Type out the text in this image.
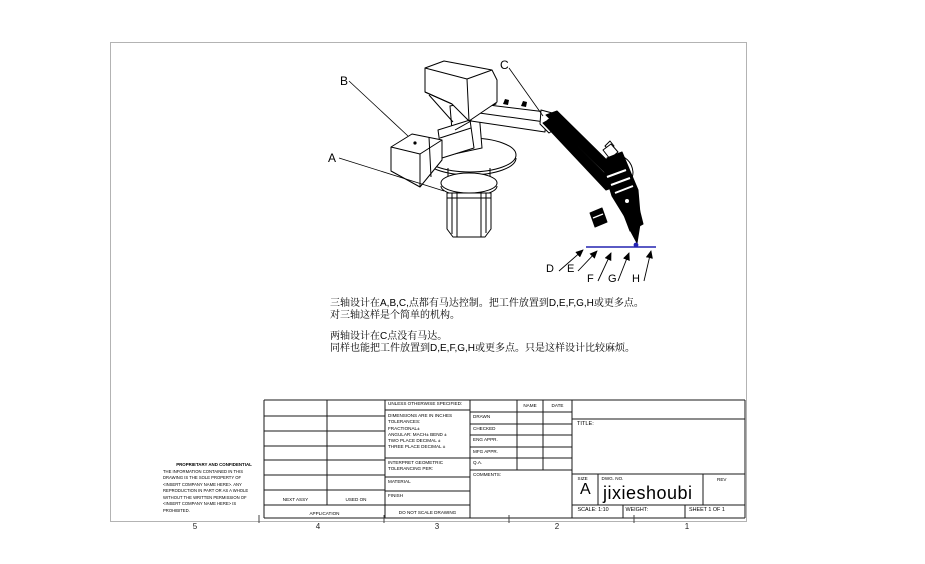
A
B
C
D E
F G H
三轴设计在A,B,C,点都有马达控制。把工件放置到D,E,F,G,H或更多点。
对三轴这样是个简单的机构。
两轴设计在C点没有马达。
同样也能把工件放置到D,E,F,G,H或更多点。只是这样设计比较麻烦。
UNLESS OTHERWISE SPECIFIED:
DIMENSIONS ARE IN INCHES
TOLERANCES:
FRACTIONAL±
ANGULAR: MACH± BEND ±
TWO PLACE DECIMAL ±
THREE PLACE DECIMAL ±
INTERPRET GEOMETRIC
TOLERANCING PER:
MATERIAL
FINISH
DO NOT SCALE DRAWING
DRAWN
CHECKED
ENG APPR.
MFG APPR.
Q.A.
COMMENTS:
NAME	DATE
NEXT ASSY	USED ON
APPLICATION
TITLE:
SIZE
A
DWG. NO.
jixieshoubi
REV
SCALE: 1:10	WEIGHT:	SHEET 1 OF 1
PROPRIETARY AND CONFIDENTIAL
THE INFORMATION CONTAINED IN THIS
DRAWING IS THE SOLE PROPERTY OF
<INSERT COMPANY NAME HERE>. ANY
REPRODUCTION IN PART OR AS A WHOLE
WITHOUT THE WRITTEN PERMISSION OF
<INSERT COMPANY NAME HERE> IS
PROHIBITED.
5	4	3	2	1
